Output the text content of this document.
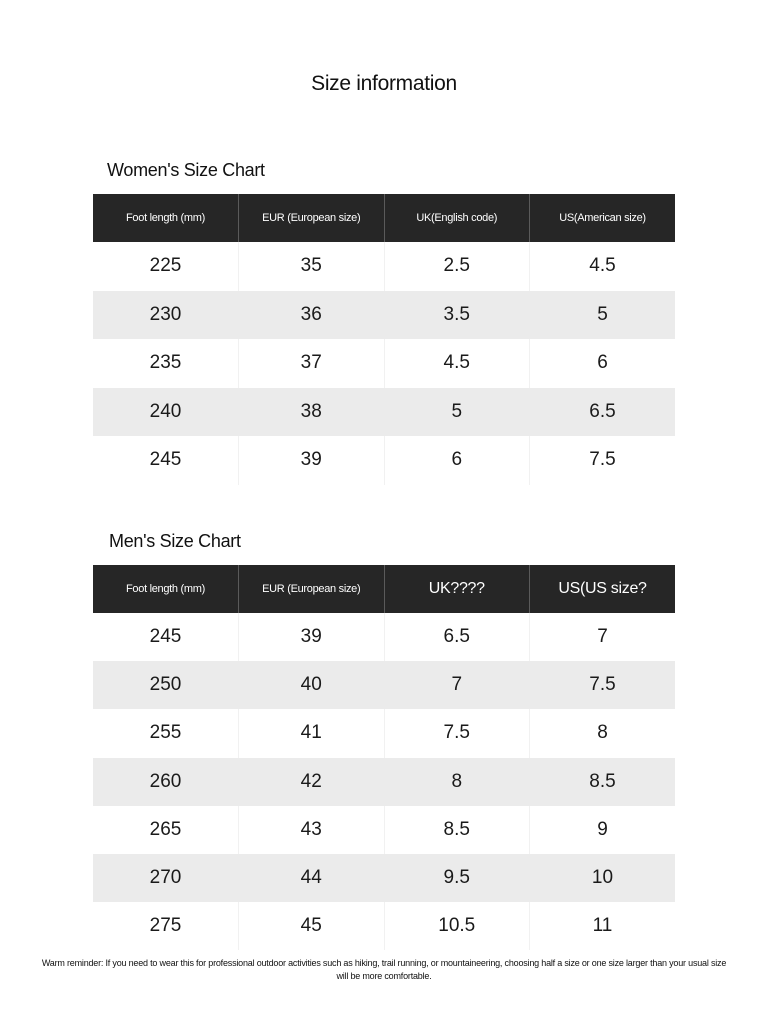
Size information
Women's Size Chart
Foot length (mm)	EUR (European size)	UK(English code)	US(American size)
225	35	2.5	4.5
230	36	3.5	5
235	37	4.5	6
240	38	5	6.5
245	39	6	7.5
Men's Size Chart
Foot length (mm)	EUR (European size)	UK????	US(US size?
245	39	6.5	7
250	40	7	7.5
255	41	7.5	8
260	42	8	8.5
265	43	8.5	9
270	44	9.5	10
275	45	10.5	11
Warm reminder: If you need to wear this for professional outdoor activities such as hiking, trail running, or mountaineering, choosing half a size or one size larger than your usual size will be more comfortable.
